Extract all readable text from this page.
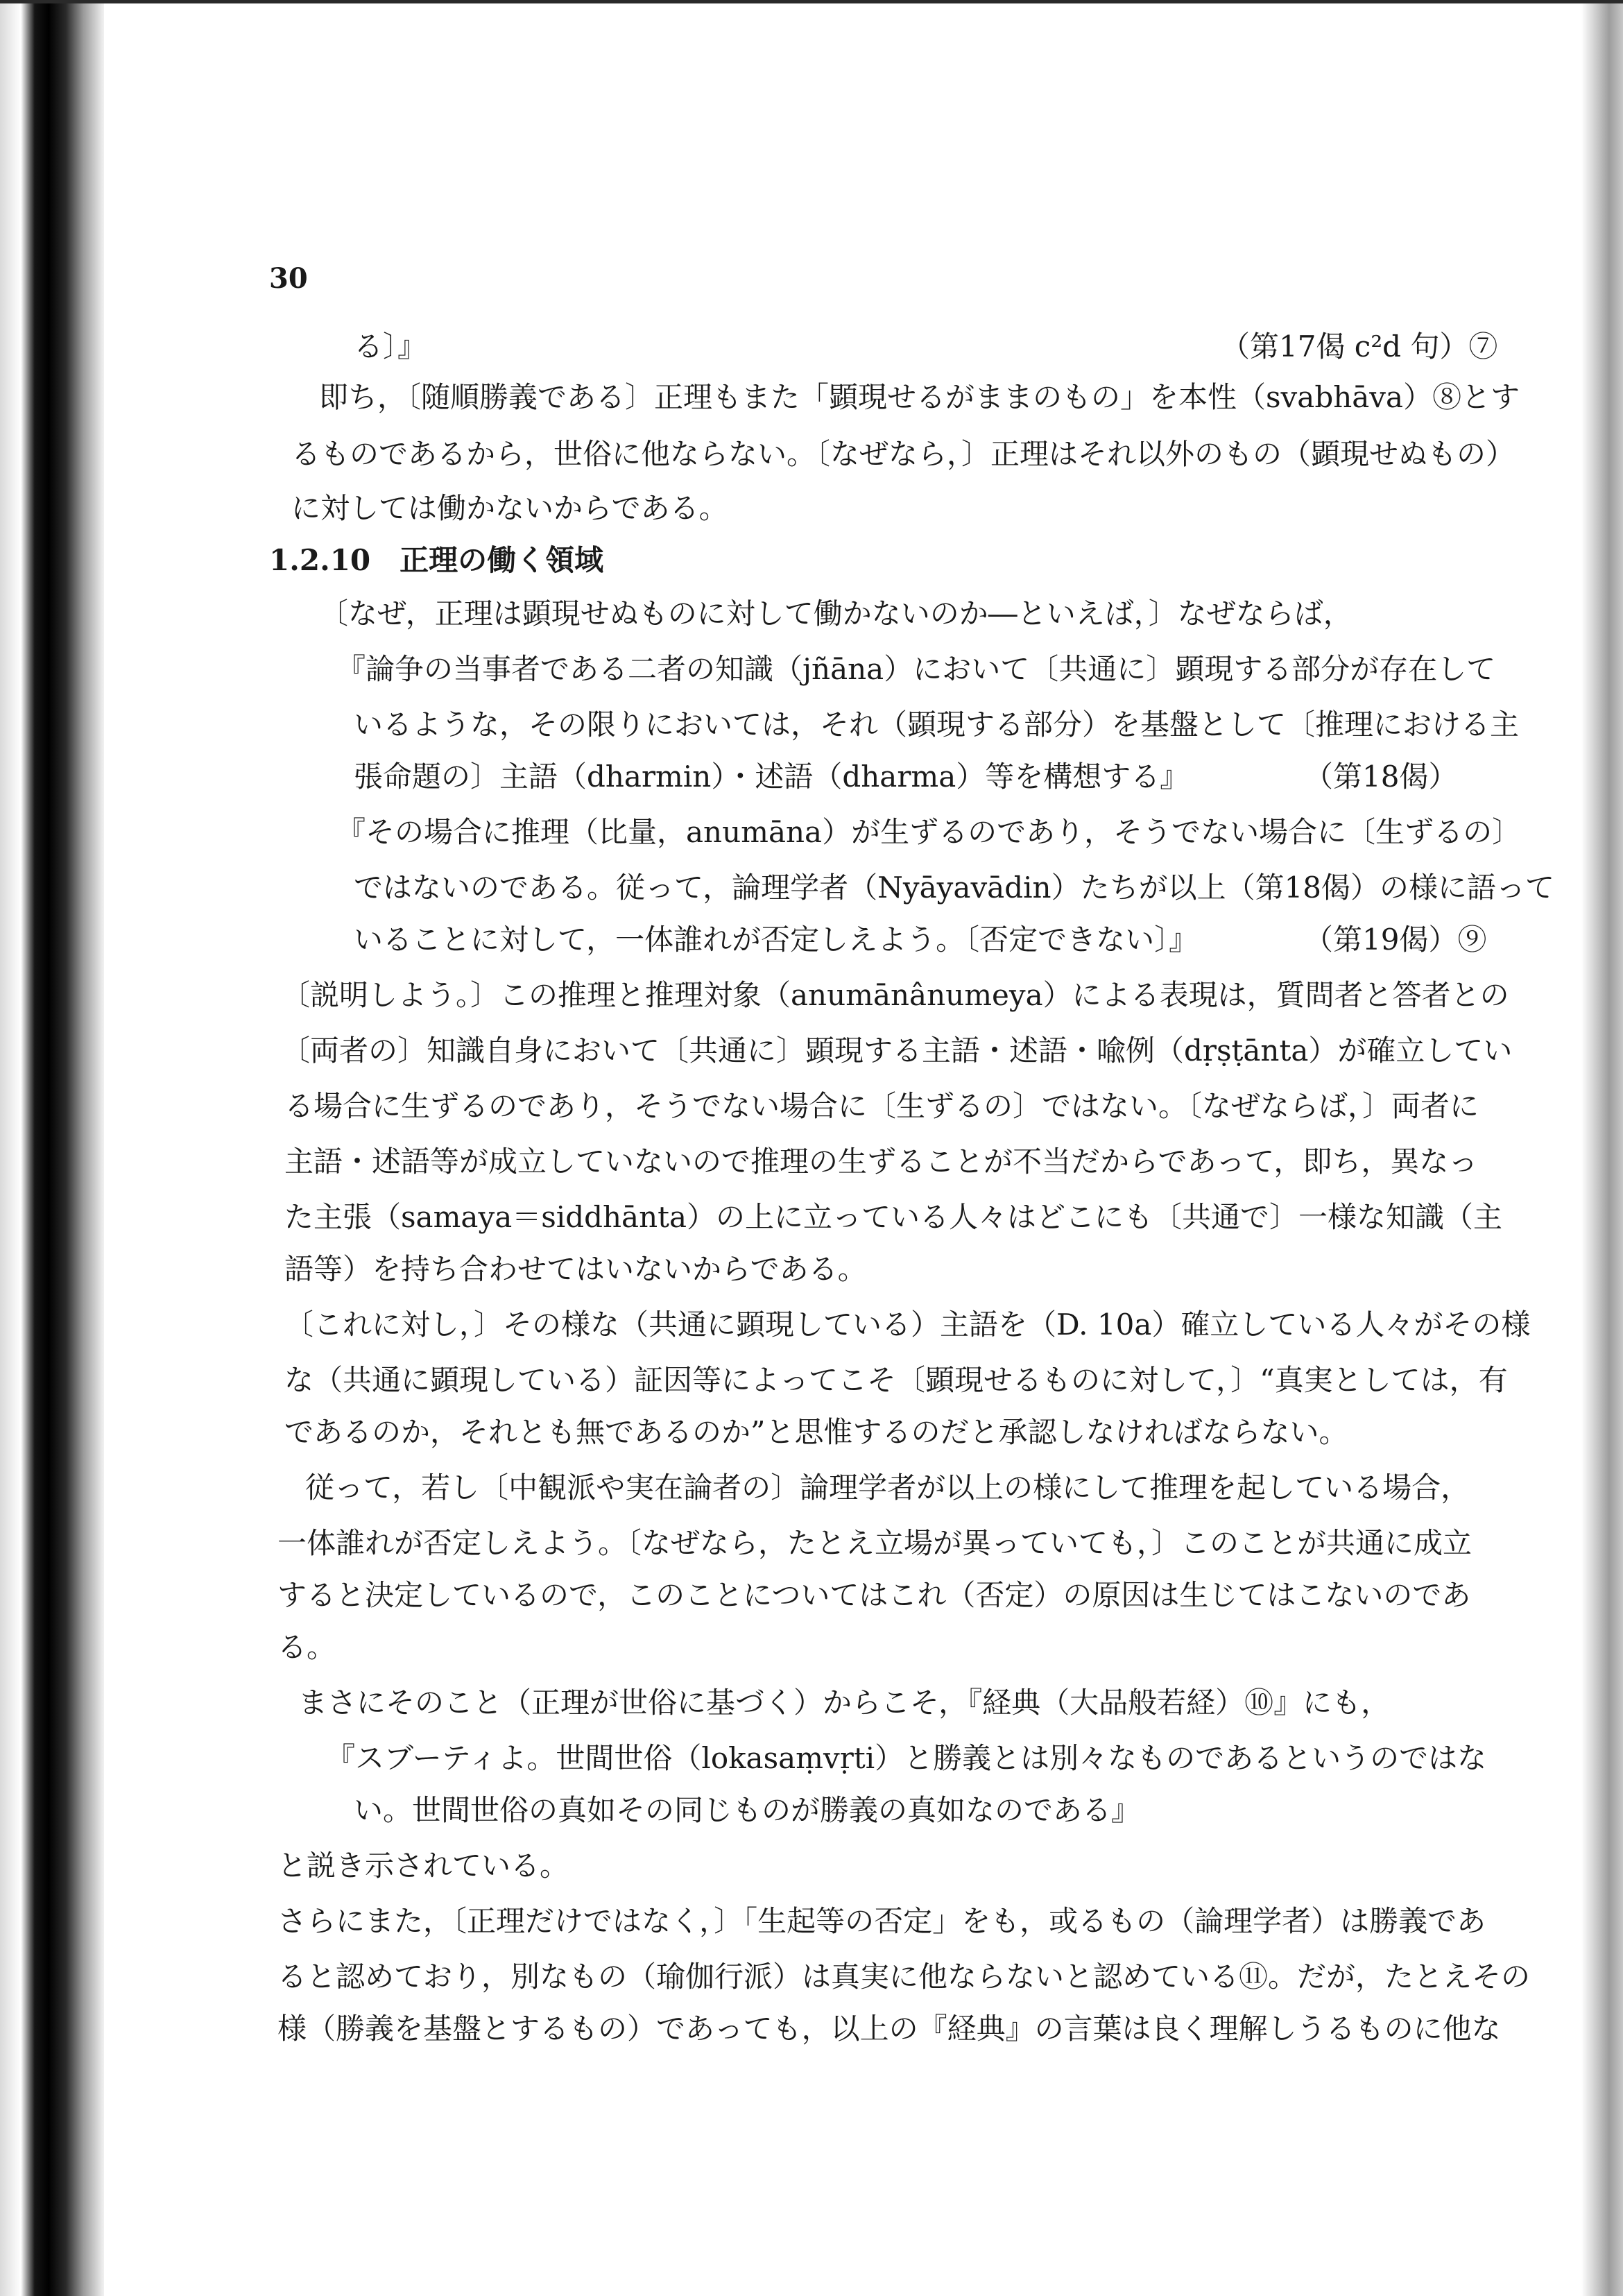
30
る〕』	（第17偈 c²d 句）⑦
即ち，〔随順勝義である〕正理もまた「顕現せるがままのもの」を本性（svabhāva）⑧とす
るものであるから，世俗に他ならない。〔なぜなら，〕正理はそれ以外のもの（顕現せぬもの）
に対しては働かないからである。
1.2.10　正理の働く領域
〔なぜ，正理は顕現せぬものに対して働かないのか―といえば，〕なぜならば，
『論争の当事者である二者の知識（jñāna）において〔共通に〕顕現する部分が存在して
いるような，その限りにおいては，それ（顕現する部分）を基盤として〔推理における主
張命題の〕主語（dharmin）・述語（dharma）等を構想する』	（第18偈）
『その場合に推理（比量，anumāna）が生ずるのであり，そうでない場合に〔生ずるの〕
ではないのである。従って，論理学者（Nyāyavādin）たちが以上（第18偈）の様に語って
いることに対して，一体誰れが否定しえよう。〔否定できない〕』	（第19偈）⑨
〔説明しよう。〕この推理と推理対象（anumānânumeya）による表現は，質問者と答者との
〔両者の〕知識自身において〔共通に〕顕現する主語・述語・喩例（dṛṣṭānta）が確立してい
る場合に生ずるのであり，そうでない場合に〔生ずるの〕ではない。〔なぜならば，〕両者に
主語・述語等が成立していないので推理の生ずることが不当だからであって，即ち，異なっ
た主張（samaya＝siddhānta）の上に立っている人々はどこにも〔共通で〕一様な知識（主
語等）を持ち合わせてはいないからである。
〔これに対し，〕その様な（共通に顕現している）主語を（D. 10a）確立している人々がその様
な（共通に顕現している）証因等によってこそ〔顕現せるものに対して，〕“真実としては，有
であるのか，それとも無であるのか”と思惟するのだと承認しなければならない。
従って，若し〔中観派や実在論者の〕論理学者が以上の様にして推理を起している場合，
一体誰れが否定しえよう。〔なぜなら，たとえ立場が異っていても，〕このことが共通に成立
すると決定しているので，このことについてはこれ（否定）の原因は生じてはこないのであ
る。
まさにそのこと（正理が世俗に基づく）からこそ，『経典（大品般若経）⑩』にも，
『スブーティよ。世間世俗（lokasaṃvṛti）と勝義とは別々なものであるというのではな
い。世間世俗の真如その同じものが勝義の真如なのである』
と説き示されている。
さらにまた，〔正理だけではなく，〕「生起等の否定」をも，或るもの（論理学者）は勝義であ
ると認めており，別なもの（瑜伽行派）は真実に他ならないと認めている⑪。だが，たとえその
様（勝義を基盤とするもの）であっても，以上の『経典』の言葉は良く理解しうるものに他な
